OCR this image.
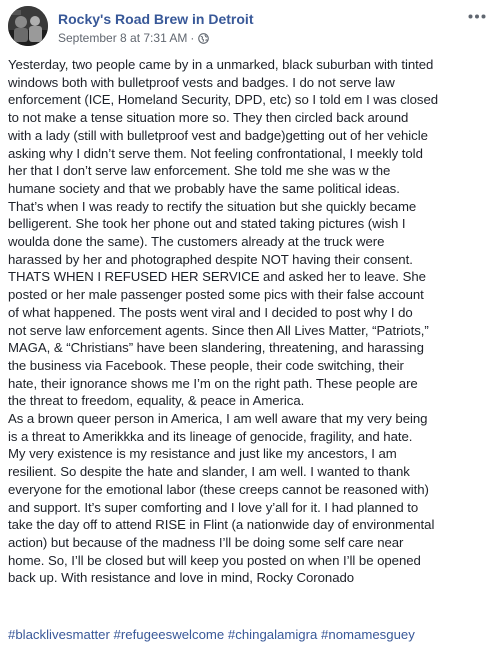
Rocky's Road Brew in Detroit
September 8 at 7:31 AM ·
Yesterday, two people came by in a unmarked, black suburban with tinted
windows both with bulletproof vests and badges. I do not serve law
enforcement (ICE, Homeland Security, DPD, etc) so I told em I was closed
to not make a tense situation more so. They then circled back around
with a lady (still with bulletproof vest and badge)getting out of her vehicle
asking why I didn’t serve them. Not feeling confrontational, I meekly told
her that I don’t serve law enforcement. She told me she was w the
humane society and that we probably have the same political ideas.
That’s when I was ready to rectify the situation but she quickly became
belligerent. She took her phone out and stated taking pictures (wish I
woulda done the same). The customers already at the truck were
harassed by her and photographed despite NOT having their consent.
THATS WHEN I REFUSED HER SERVICE and asked her to leave. She
posted or her male passenger posted some pics with their false account
of what happened. The posts went viral and I decided to post why I do
not serve law enforcement agents. Since then All Lives Matter, “Patriots,”
MAGA, & “Christians” have been slandering, threatening, and harassing
the business via Facebook. These people, their code switching, their
hate, their ignorance shows me I’m on the right path. These people are
the threat to freedom, equality, & peace in America.
As a brown queer person in America, I am well aware that my very being
is a threat to Amerikkka and its lineage of genocide, fragility, and hate.
My very existence is my resistance and just like my ancestors, I am
resilient. So despite the hate and slander, I am well. I wanted to thank
everyone for the emotional labor (these creeps cannot be reasoned with)
and support. It’s super comforting and I love y’all for it. I had planned to
take the day off to attend RISE in Flint (a nationwide day of environmental
action) but because of the madness I’ll be doing some self care near
home. So, I’ll be closed but will keep you posted on when I’ll be opened
back up. With resistance and love in mind, Rocky Coronado
#blacklivesmatter #refugeeswelcome #chingalamigra #nomamesguey
